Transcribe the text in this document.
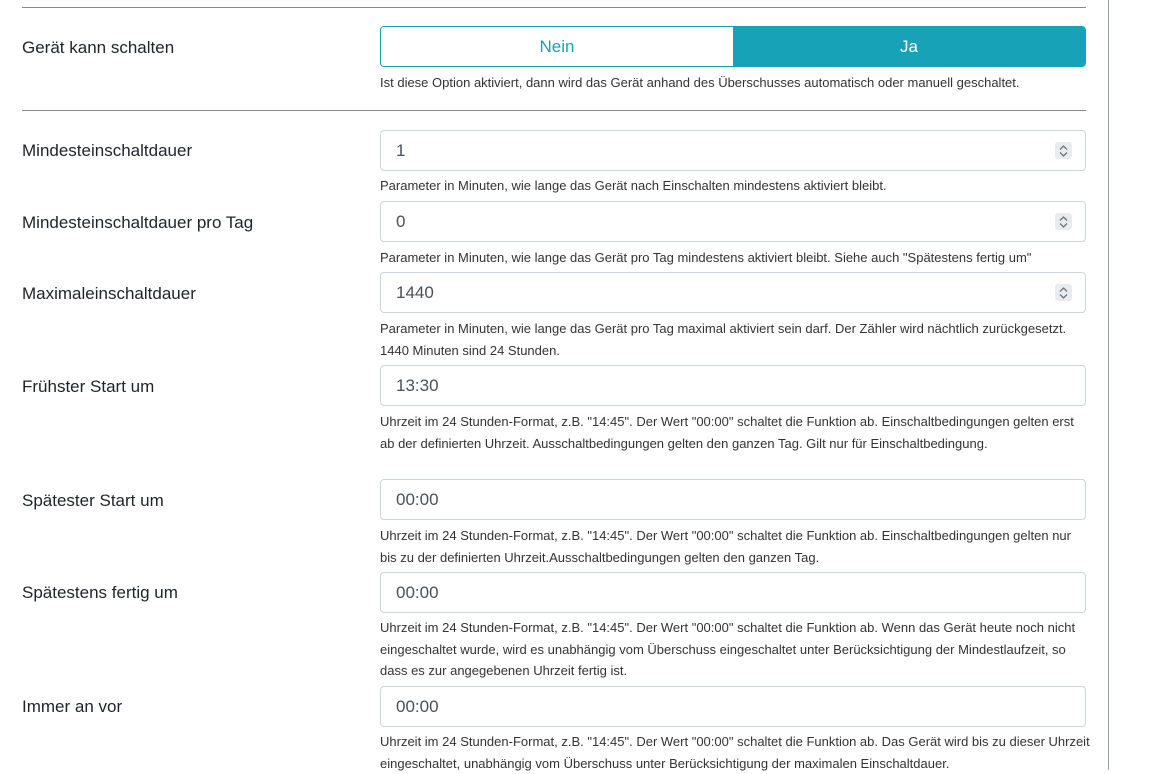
Gerät kann schalten	Nein	Ja
Ist diese Option aktiviert, dann wird das Gerät anhand des Überschusses automatisch oder manuell geschaltet.
Mindesteinschaltdauer	1
Parameter in Minuten, wie lange das Gerät nach Einschalten mindestens aktiviert bleibt.
Mindesteinschaltdauer pro Tag	0
Parameter in Minuten, wie lange das Gerät pro Tag mindestens aktiviert bleibt. Siehe auch "Spätestens fertig um"
Maximaleinschaltdauer	1440
Parameter in Minuten, wie lange das Gerät pro Tag maximal aktiviert sein darf. Der Zähler wird nächtlich zurückgesetzt. 1440 Minuten sind 24 Stunden.
Frühster Start um	13:30
Uhrzeit im 24 Stunden-Format, z.B. "14:45". Der Wert "00:00" schaltet die Funktion ab. Einschaltbedingungen gelten erst ab der definierten Uhrzeit. Ausschaltbedingungen gelten den ganzen Tag. Gilt nur für Einschaltbedingung.
Spätester Start um	00:00
Uhrzeit im 24 Stunden-Format, z.B. "14:45". Der Wert "00:00" schaltet die Funktion ab. Einschaltbedingungen gelten nur bis zu der definierten Uhrzeit.Ausschaltbedingungen gelten den ganzen Tag.
Spätestens fertig um	00:00
Uhrzeit im 24 Stunden-Format, z.B. "14:45". Der Wert "00:00" schaltet die Funktion ab. Wenn das Gerät heute noch nicht eingeschaltet wurde, wird es unabhängig vom Überschuss eingeschaltet unter Berücksichtigung der Mindestlaufzeit, so dass es zur angegebenen Uhrzeit fertig ist.
Immer an vor	00:00
Uhrzeit im 24 Stunden-Format, z.B. "14:45". Der Wert "00:00" schaltet die Funktion ab. Das Gerät wird bis zu dieser Uhrzeit eingeschaltet, unabhängig vom Überschuss unter Berücksichtigung der maximalen Einschaltdauer.
